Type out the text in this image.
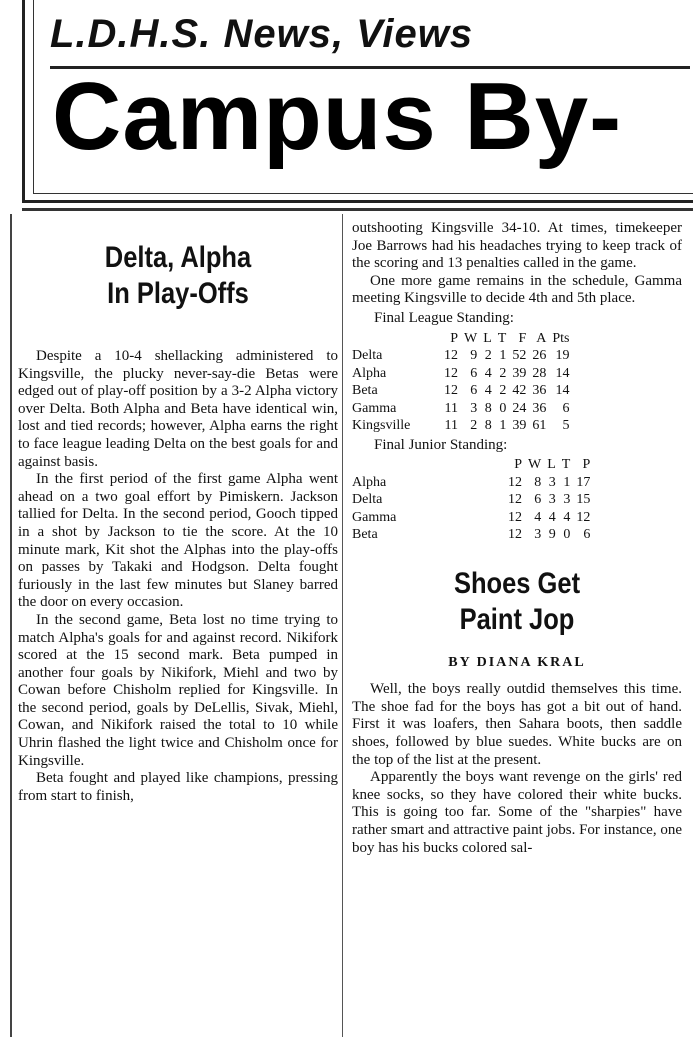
L.D.H.S. News, Views
Campus By-
Delta, Alpha
In Play-Offs

Despite a 10-4 shellacking administered to Kingsville, the plucky never-say-die Betas were edged out of play-off position by a 3-2 Alpha victory over Delta. Both Alpha and Beta have identical win, lost and tied records; however, Alpha earns the right to face league leading Delta on the best goals for and against basis.

In the first period of the first game Alpha went ahead on a two goal effort by Pimiskern. Jackson tallied for Delta. In the second period, Gooch tipped in a shot by Jackson to tie the score. At the 10 minute mark, Kit shot the Alphas into the play-offs on passes by Takaki and Hodgson. Delta fought furiously in the last few minutes but Slaney barred the door on every occasion.

In the second game, Beta lost no time trying to match Alpha's goals for and against record. Nikifork scored at the 15 second mark. Beta pumped in another four goals by Nikifork, Miehl and two by Cowan before Chisholm replied for Kingsville. In the second period, goals by DeLellis, Sivak, Miehl, Cowan, and Nikifork raised the total to 10 while Uhrin flashed the light twice and Chisholm once for Kingsville.

Beta fought and played like champions, pressing from start to finish,

outshooting Kingsville 34-10. At times, timekeeper Joe Barrows had his headaches trying to keep track of the scoring and 13 penalties called in the game.

One more game remains in the schedule, Gamma meeting Kingsville to decide 4th and 5th place.

Final League Standing:
	P	W	L	T	F	A	Pts
Delta	12	9	2	1	52	26	19
Alpha	12	6	4	2	39	28	14
Beta	12	6	4	2	42	36	14
Gamma	11	3	8	0	24	36	6
Kingsville	11	2	8	1	39	61	5
Final Junior Standing:
	P	W	L	T	P
Alpha	12	8	3	1	17
Delta	12	6	3	3	15
Gamma	12	4	4	4	12
Beta	12	3	9	0	6
Shoes Get
Paint Jop
BY DIANA KRAL

Well, the boys really outdid themselves this time. The shoe fad for the boys has got a bit out of hand. First it was loafers, then Sahara boots, then saddle shoes, followed by blue suedes. White bucks are on the top of the list at the present.

Apparently the boys want revenge on the girls' red knee socks, so they have colored their white bucks. This is going too far. Some of the "sharpies" have rather smart and attractive paint jobs. For instance, one boy has his bucks colored sal-
